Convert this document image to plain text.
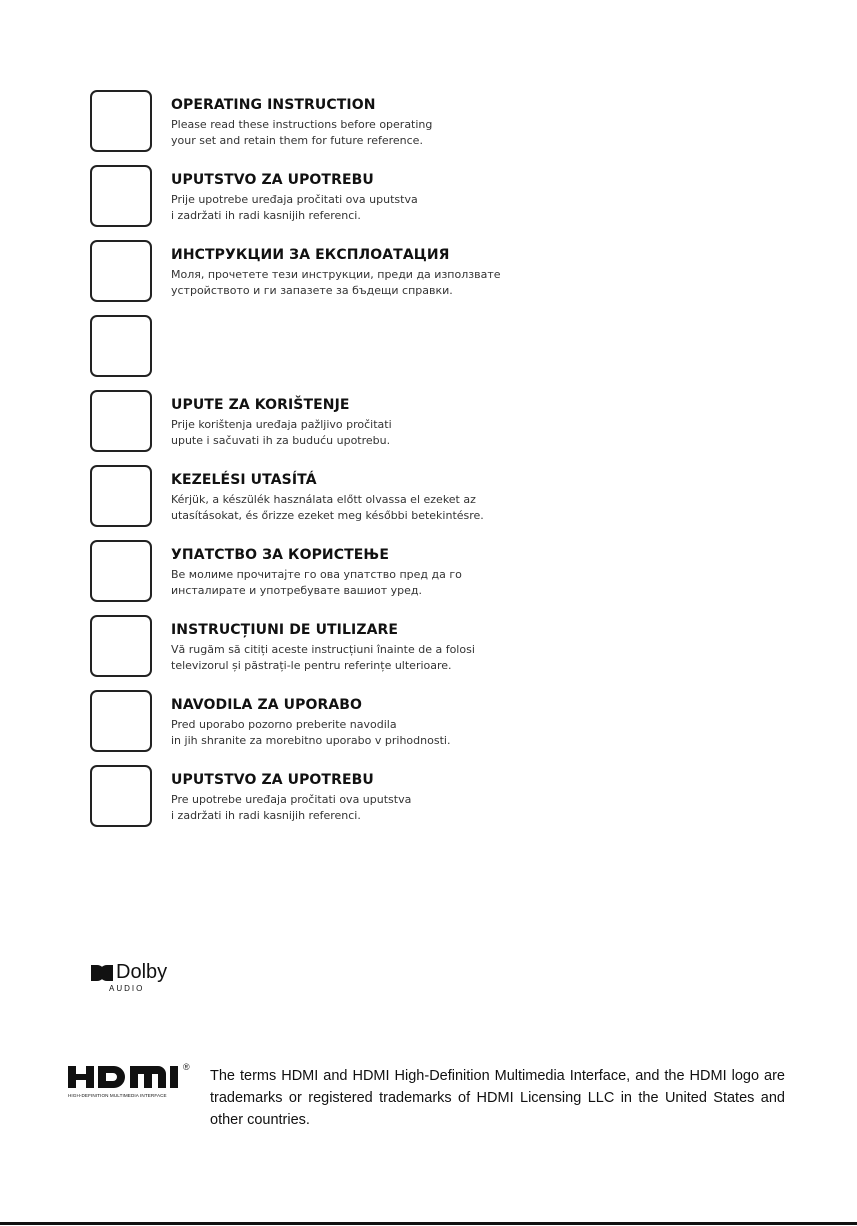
OPERATING INSTRUCTION
Please read these instructions before operating
your set and retain them for future reference.
UPUTSTVO ZA UPOTREBU
Prije upotrebe uređaja pročitati ova uputstva
i zadržati ih radi kasnijih referenci.
ИНСТРУКЦИИ ЗА ЕКСПЛОАТАЦИЯ
Моля, прочетете тези инструкции, преди да използвате
устройството и ги запазете за бъдещи справки.
UPUTE ZA KORIŠTENJE
Prije korištenja uređaja pažljivo pročitati
upute i sačuvati ih za buduću upotrebu.
KEZELÉSI UTASÍTÁ
Kérjük, a készülék használata előtt olvassa el ezeket az
utasításokat, és őrizze ezeket meg későbbi betekintésre.
УПАТСТВО ЗА КОРИСТЕЊЕ
Ве молиме прочитајте го ова упатство пред да го
инсталирате и употребувате вашиот уред.
INSTRUCȚIUNI DE UTILIZARE
Vă rugăm să citiți aceste instrucțiuni înainte de a folosi
televizorul și păstrați-le pentru referințe ulterioare.
NAVODILA ZA UPORABO
Pred uporabo pozorno preberite navodila
in jih shranite za morebitno uporabo v prihodnosti.
UPUTSTVO ZA UPOTREBU
Pre upotrebe uređaja pročitati ova uputstva
i zadržati ih radi kasnijih referenci.
Dolby
AUDIO
®
HIGH-DEFINITION MULTIMEDIA INTERFACE

The terms HDMI and HDMI High-Definition Multimedia Interface, and the HDMI logo are trademarks or registered trademarks of HDMI Licensing LLC in the United States and other countries.
